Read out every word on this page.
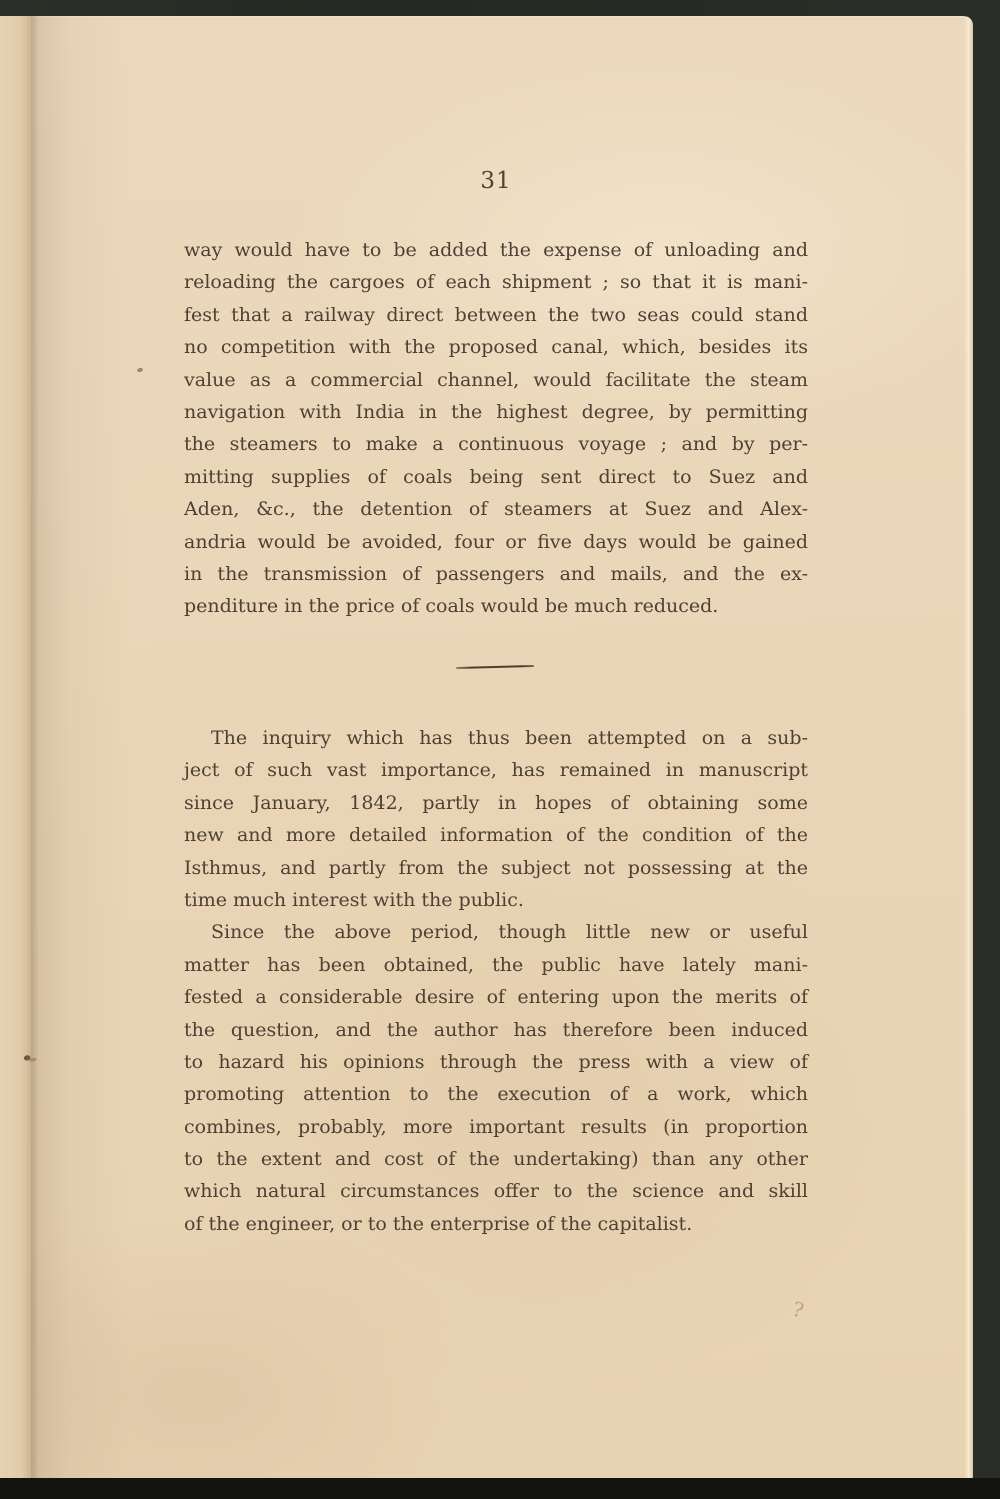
?
31
way would have to be added the expense of unloading and
reloading the cargoes of each shipment ; so that it is mani-
fest that a railway direct between the two seas could stand
no competition with the proposed canal, which, besides its
value as a commercial channel, would facilitate the steam
navigation with India in the highest degree, by permitting
the steamers to make a continuous voyage ; and by per-
mitting supplies of coals being sent direct to Suez and
Aden, &c., the detention of steamers at Suez and Alex-
andria would be avoided, four or five days would be gained
in the transmission of passengers and mails, and the ex-
penditure in the price of coals would be much reduced.
The inquiry which has thus been attempted on a sub-
ject of such vast importance, has remained in manuscript
since January, 1842, partly in hopes of obtaining some
new and more detailed information of the condition of the
Isthmus, and partly from the subject not possessing at the
time much interest with the public.
Since the above period, though little new or useful
matter has been obtained, the public have lately mani-
fested a considerable desire of entering upon the merits of
the question, and the author has therefore been induced
to hazard his opinions through the press with a view of
promoting attention to the execution of a work, which
combines, probably, more important results (in proportion
to the extent and cost of the undertaking) than any other
which natural circumstances offer to the science and skill
of the engineer, or to the enterprise of the capitalist.
